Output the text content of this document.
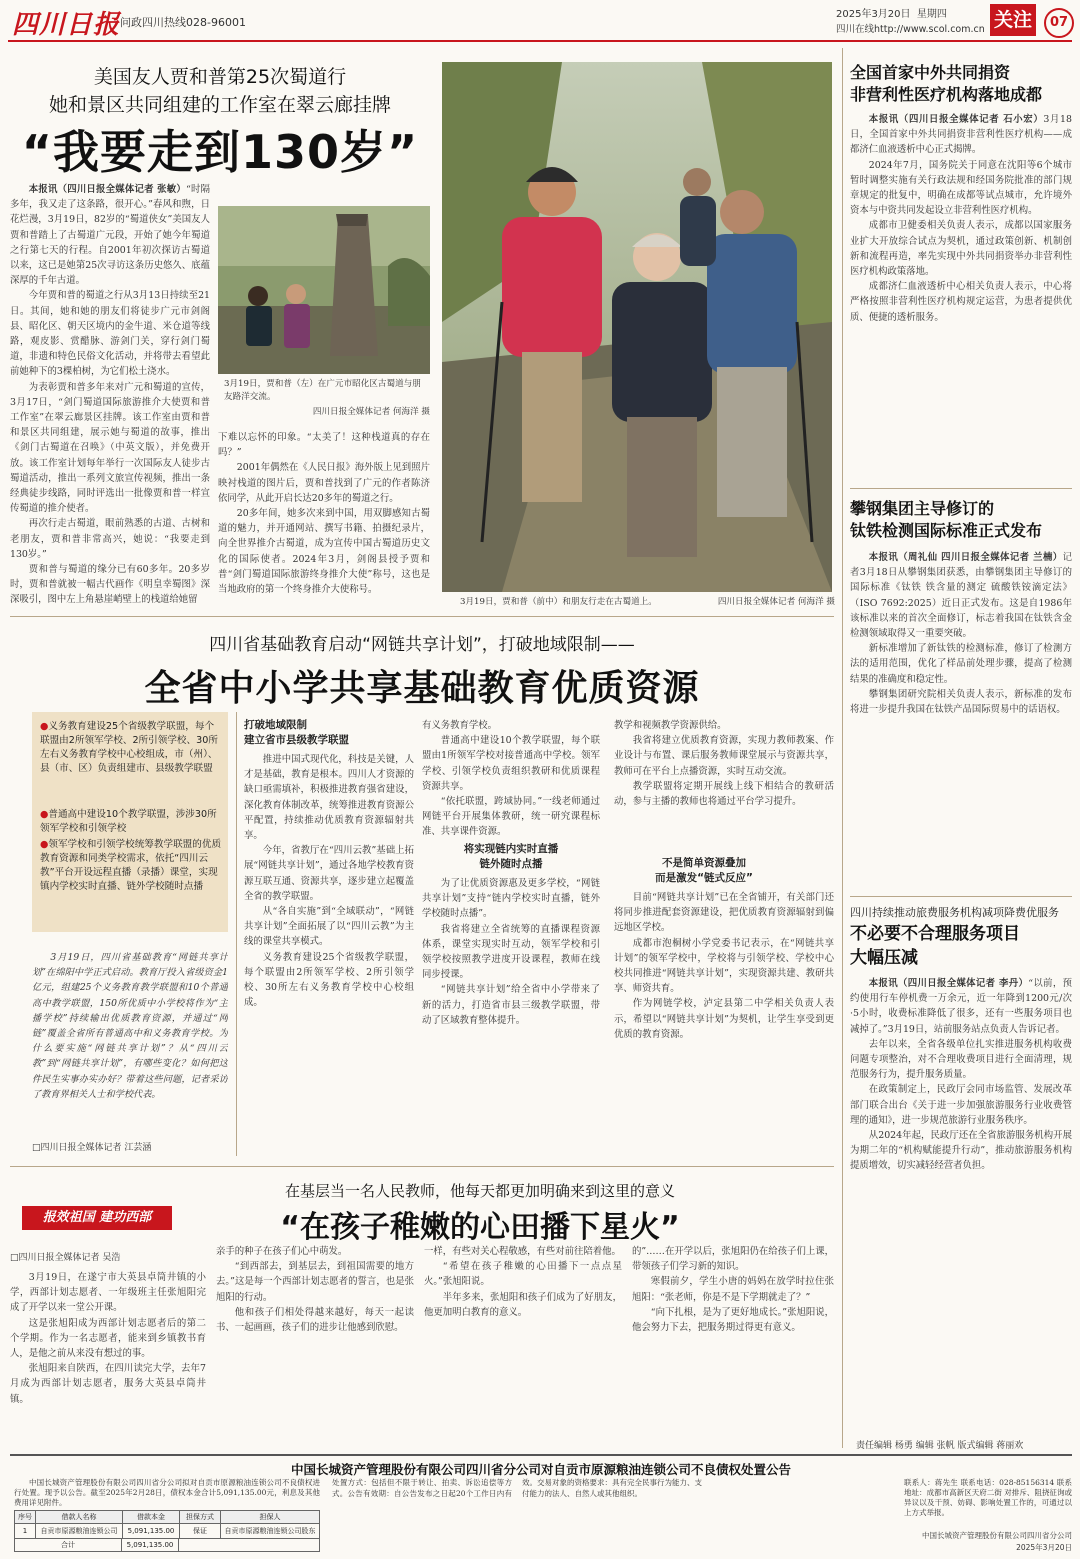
四川日报 问政四川热线028-96001
2025年3月20日 星期四
四川在线http://www.scol.com.cn 关注	07
美国友人贾和普第25次蜀道行
她和景区共同组建的工作室在翠云廊挂牌
“我要走到130岁”

本报讯（四川日报全媒体记者 张敏）“时隔多年，我又走了这条路，很开心。”春风和煦，日花烂漫，3月19日，82岁的“蜀道侠女”美国友人贾和普踏上了古蜀道广元段，开始了她今年蜀道之行第七天的行程。自2001年初次探访古蜀道以来，这已是她第25次寻访这条历史悠久、底蕴深厚的千年古道。

今年贾和普的蜀道之行从3月13日持续至21日。其间，她和她的朋友们将徒步广元市剑阁县、昭化区、朝天区境内的金牛道、米仓道等线路，观皮影、赏醋脉、游剑门关，穿行剑门蜀道，非遗和特色民俗文化活动，并将带去看望此前她种下的3棵柏树，为它们松土浇水。

为表彰贾和普多年来对广元和蜀道的宣传，3月17日，“剑门蜀道国际旅游推介大使贾和普工作室”在翠云廊景区挂牌。该工作室由贾和普和景区共同组建，展示她与蜀道的故事，推出《剑门古蜀道在召唤》（中英文版），并免费开放。该工作室计划每年举行一次国际友人徒步古蜀道活动，推出一系列文旅宣传视频，推出一条经典徒步线路，同时评选出一批像贾和普一样宣传蜀道的推介使者。

再次行走古蜀道，眼前熟悉的古道、古树和老朋友，贾和普非常高兴，她说：“我要走到130岁。”

贾和普与蜀道的缘分已有60多年。20多岁时，贾和普就被一幅古代画作《明皇幸蜀图》深深吸引，图中左上角悬崖峭壁上的栈道给她留

3月19日，贾和普（左）在广元市昭化区古蜀道与朋友路洋交流。
四川日报全媒体记者 何海洋 摄

下难以忘怀的印象。“太美了！这种栈道真的存在吗？”

2001年偶然在《人民日报》海外版上见到照片映衬栈道的图片后，贾和普找到了广元的作者陈济依同学，从此开启长达20多年的蜀道之行。

20多年间，她多次来到中国，用双脚感知古蜀道的魅力，并开通网站、撰写书籍、拍摄纪录片，向全世界推介古蜀道，成为宣传中国古蜀道历史文化的国际使者。2024年3月，剑阁县授予贾和普“剑门蜀道国际旅游终身推介大使”称号，这也是当地政府的第一个终身推介大使称号。

3月19日，贾和普（前中）和朋友行走在古蜀道上。	四川日报全媒体记者 何海洋 摄
四川省基础教育启动“网链共享计划”，打破地域限制——
全省中小学共享基础教育优质资源
●义务教育建设25个省级教学联盟，每个联盟由2所领军学校、2所引领学校、30所左右义务教育学校中心校组成，市（州）、县（市、区）负责组建市、县级教学联盟
●普通高中建设10个教学联盟，涉涉30所领军学校和引领学校
●领军学校和引领学校统筹教学联盟的优质教育资源和同类学校需求，依托“四川云教”平台开设远程直播（录播）课堂，实现镇内学校实时直播、链外学校随时点播
3月19日，四川省基础教育“网链共享计划”在绵阳中学正式启动。教育厅投入省级资金1亿元，组建25个义务教育教学联盟和10个普通高中教学联盟，150所优质中小学校将作为“主播学校”持续输出优质教育资源，并通过“网链”覆盖全省所有普通高中和义务教育学校。为什么要实施“网链共享计划”？从“四川云教”到“网链共享计划”，有哪些变化？如何把这件民生实事办实办好？带着这些问题，记者采访了教育界相关人士和学校代表。
□四川日报全媒体记者 江芸涵
打破地域限制
建立省市县级教学联盟

推进中国式现代化，科技是关键，人才是基础，教育是根本。四川人才资源的缺口亟需填补，积极推进教育强省建设，深化教育体制改革，统筹推进教育资源公平配置，持续推动优质教育资源辐射共享。

今年，省教厅在“四川云教”基础上拓展“网链共享计划”，通过各地学校教育资源互联互通、资源共享，逐步建立起覆盖全省的教学联盟。

从“各自实施”到“全域联动”，“网链共享计划”全面拓展了以“四川云教”为主线的课堂共享模式。

义务教育建设25个省级教学联盟，每个联盟由2所领军学校、2所引领学校、30所左右义务教育学校中心校组成。

有义务教育学校。

普通高中建设10个教学联盟，每个联盟由1所领军学校对接普通高中学校。领军学校、引领学校负责组织教研和优质课程资源共享。

“依托联盟，跨域协同。”一线老师通过网链平台开展集体教研，统一研究课程标准、共享课件资源。

将实现链内实时直播
链外随时点播

为了让优质资源惠及更多学校，“网链共享计划”支持“链内学校实时直播，链外学校随时点播”。

我省将建立全省统筹的直播课程资源体系，课堂实现实时互动，领军学校和引领学校按照教学进度开设课程，教师在线同步授课。

“网链共享计划”给全省中小学带来了新的活力，打造省市县三级教学联盟，带动了区域教育整体提升。

教学和视频教学资源供给。

我省将建立优质教育资源，实现力教师教案、作业设计与布置、课后服务教师课堂展示与资源共享，教师可在平台上点播资源，实时互动交流。

教学联盟将定期开展线上线下相结合的教研活动，参与主播的教师也将通过平台学习提升。

不是简单资源叠加
而是激发“链式反应”

目前“网链共享计划”已在全省铺开，有关部门还将同步推进配套资源建设，把优质教育资源辐射到偏远地区学校。

成都市泡桐树小学党委书记表示，在“网链共享计划”的领军学校中，学校将与引领学校、学校中心校共同推进“网链共享计划”，实现资源共建、教研共享、师资共育。

作为网链学校，泸定县第二中学相关负责人表示，希望以“网链共享计划”为契机，让学生享受到更优质的教育资源。

在基层当一名人民教师，他每天都更加明确来到这里的意义
“在孩子稚嫩的心田播下星火”
报效祖国 建功西部
□四川日报全媒体记者 吴浩

3月19日，在遂宁市大英县卓筒井镇的小学，西部计划志愿者、一年级班主任张旭阳完成了开学以来一堂公开课。

这是张旭阳成为西部计划志愿者后的第二个学期。作为一名志愿者，能来到乡镇教书育人，是他之前从来没有想过的事。

张旭阳来自陕西，在四川读完大学，去年7月成为西部计划志愿者，服务大英县卓筒井镇。

亲手的种子在孩子们心中萌发。

“到西部去，到基层去，到祖国需要的地方去。”这是每一个西部计划志愿者的誓言，也是张旭阳的行动。

他和孩子们相处得越来越好，每天一起读书、一起画画，孩子们的进步让他感到欣慰。

一样，有些对关心程敬感，有些对前往陪着他。

“希望在孩子稚嫩的心田播下一点点星火。”张旭阳说。

半年多来，张旭阳和孩子们成为了好朋友，他更加明白教育的意义。

的”……在开学以后，张旭阳仍在给孩子们上课，带领孩子们学习新的知识。

寒假前夕，学生小唐的妈妈在放学时拉住张旭阳：“张老师，你是不是下学期就走了？”

“向下扎根，是为了更好地成长。”张旭阳说，他会努力下去，把服务期过得更有意义。

全国首家中外共同捐资
非营利性医疗机构落地成都

本报讯（四川日报全媒体记者 石小宏）3月18日，全国首家中外共同捐资非营利性医疗机构——成都济仁血液透析中心正式揭牌。

2024年7月，国务院关于同意在沈阳等6个城市暂时调整实施有关行政法规和经国务院批准的部门规章规定的批复中，明确在成都等试点城市，允许境外资本与中资共同发起设立非营利性医疗机构。

成都市卫健委相关负责人表示，成都以国家服务业扩大开放综合试点为契机，通过政策创新、机制创新和流程再造，率先实现中外共同捐资举办非营利性医疗机构政策落地。

成都济仁血液透析中心相关负责人表示，中心将严格按照非营利性医疗机构规定运营，为患者提供优质、便捷的透析服务。

攀钢集团主导修订的
钛铁检测国际标准正式发布

本报讯（周礼仙 四川日报全媒体记者 兰楠）记者3月18日从攀钢集团获悉，由攀钢集团主导修订的国际标准《钛铁 铁含量的测定 硫酸铁铵滴定法》（ISO 7692:2025）近日正式发布。这是自1986年该标准以来的首次全面修订，标志着我国在钛铁含金检测领域取得又一重要突破。

新标准增加了新钛铁的检测标准，修订了检测方法的适用范围，优化了样品前处理步骤，提高了检测结果的准确度和稳定性。

攀钢集团研究院相关负责人表示，新标准的发布将进一步提升我国在钛铁产品国际贸易中的话语权。

四川持续推动旅费服务机构减项降费优服务
不必要不合理服务项目
大幅压减

本报讯（四川日报全媒体记者 李丹）“以前，预约使用行车停机费一万余元，近一年降到1200元/次·5小时，收费标准降低了很多，还有一些服务项目也减掉了。”3月19日，站前服务站点负责人告诉记者。

去年以来，全省各级单位扎实推进服务机构收费问题专项整治，对不合理收费项目进行全面清理，规范服务行为，提升服务质量。

在政策制定上，民政厅会同市场监管、发展改革部门联合出台《关于进一步加强旅游服务行业收费管理的通知》，进一步规范旅游行业服务秩序。

从2024年起，民政厅还在全省旅游服务机构开展为期二年的“机构赋能提升行动”，推动旅游服务机构提质增效，切实减轻经营者负担。

责任编辑 杨勇 编辑 张帆 版式编辑 蒋丽欢
中国长城资产管理股份有限公司四川省分公司对自贡市原源粮油连锁公司不良债权处置公告
中国长城资产管理股份有限公司四川省分公司拟对自贡市原源粮油连锁公司不良债权进行处置。现予以公告。截至2025年2月28日，债权本金合计5,091,135.00元，利息及其他费用详见附件。
序号	借款人名称	借款本金	担保方式	担保人
1	自贡市原源粮油连锁公司	5,091,135.00	保证	自贡市原源粮油连锁公司股东
合计	5,091,135.00
处置方式：包括但不限于转让、拍卖、诉讼追偿等方式。公告有效期：自公告发布之日起20个工作日内有效。交易对象的资格要求：具有完全民事行为能力、支付能力的法人、自然人或其他组织。
联系人：蒋先生 联系电话：028-85156314 联系地址：成都市高新区天府二街 对排斥、阻挠征询或异议以及干预、妨碍、影响处置工作的，可通过以上方式举报。
中国长城资产管理股份有限公司四川省分公司
2025年3月20日
